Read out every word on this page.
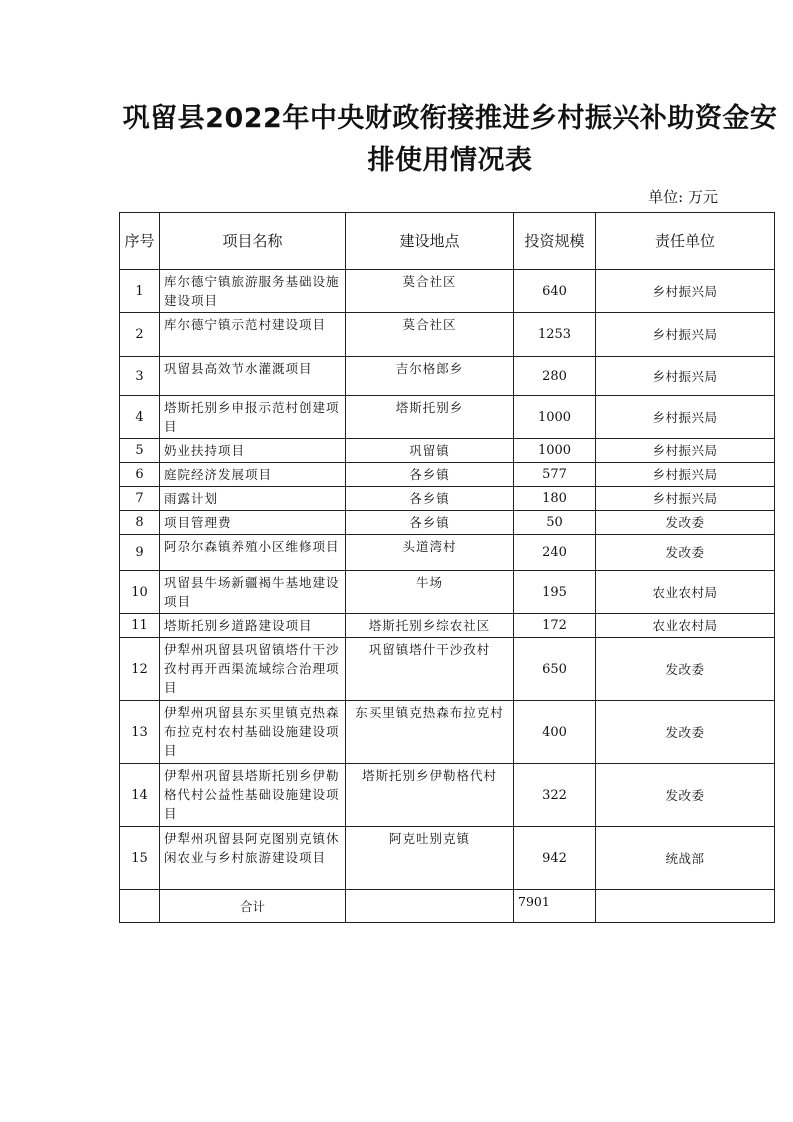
巩留县2022年中央财政衔接推进乡村振兴补助资金安排使用情况表
单位: 万元
序号	项目名称	建设地点	投资规模	责任单位
1	库尔德宁镇旅游服务基础设施建设项目	莫合社区	640	乡村振兴局
2	库尔德宁镇示范村建设项目	莫合社区	1253	乡村振兴局
3	巩留县高效节水灌溉项目	吉尔格郎乡	280	乡村振兴局
4	塔斯托别乡申报示范村创建项目	塔斯托别乡	1000	乡村振兴局
5	奶业扶持项目	巩留镇	1000	乡村振兴局
6	庭院经济发展项目	各乡镇	577	乡村振兴局
7	雨露计划	各乡镇	180	乡村振兴局
8	项目管理费	各乡镇	50	发改委
9	阿尕尔森镇养殖小区维修项目	头道湾村	240	发改委
10	巩留县牛场新疆褐牛基地建设项目	牛场	195	农业农村局
11	塔斯托别乡道路建设项目	塔斯托别乡综农社区	172	农业农村局
12	伊犁州巩留县巩留镇塔什干沙孜村再开西渠流域综合治理项目	巩留镇塔什干沙孜村	650	发改委
13	伊犁州巩留县东买里镇克热森布拉克村农村基础设施建设项目	东买里镇克热森布拉克村	400	发改委
14	伊犁州巩留县塔斯托别乡伊勒格代村公益性基础设施建设项目	塔斯托别乡伊勒格代村	322	发改委
15	伊犁州巩留县阿克图别克镇休闲农业与乡村旅游建设项目	阿克吐别克镇	942	统战部
	合计		7901	
